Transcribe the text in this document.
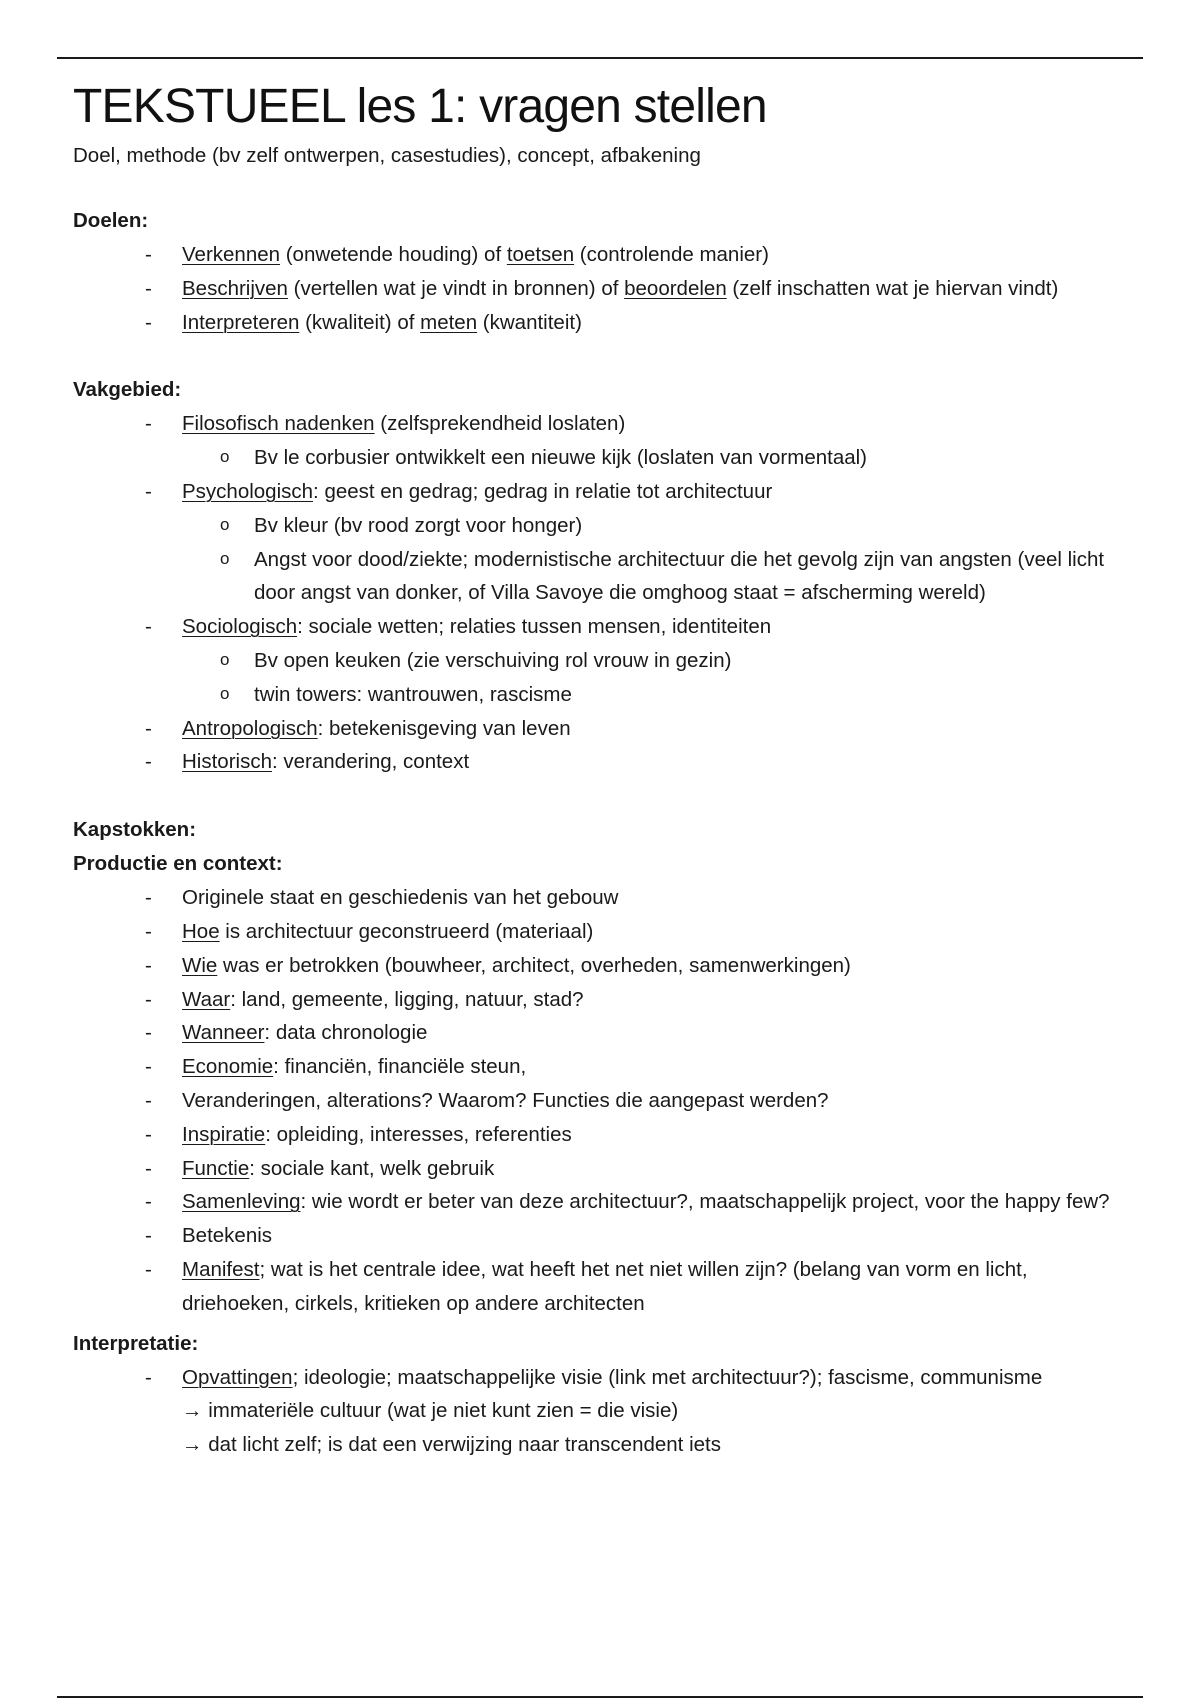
TEKSTUEEL les 1: vragen stellen

Doel, methode (bv zelf ontwerpen, casestudies), concept, afbakening

Doelen:

- Verkennen (onwetende houding) of toetsen (controlende manier)
- Beschrijven (vertellen wat je vindt in bronnen) of beoordelen (zelf inschatten wat je hiervan vindt)
- Interpreteren (kwaliteit) of meten (kwantiteit)

Vakgebied:

- Filosofisch nadenken (zelfsprekendheid loslaten)
o Bv le corbusier ontwikkelt een nieuwe kijk (loslaten van vormentaal)
- Psychologisch: geest en gedrag; gedrag in relatie tot architectuur
o Bv kleur (bv rood zorgt voor honger)
o Angst voor dood/ziekte; modernistische architectuur die het gevolg zijn van angsten (veel licht door angst van donker, of Villa Savoye die omghoog staat = afscherming wereld)
- Sociologisch: sociale wetten; relaties tussen mensen, identiteiten
o Bv open keuken (zie verschuiving rol vrouw in gezin)
o twin towers: wantrouwen, rascisme
- Antropologisch: betekenisgeving van leven
- Historisch: verandering, context

Kapstokken:

Productie en context:

- Originele staat en geschiedenis van het gebouw
- Hoe is architectuur geconstrueerd (materiaal)
- Wie was er betrokken (bouwheer, architect, overheden, samenwerkingen)
- Waar: land, gemeente, ligging, natuur, stad?
- Wanneer: data chronologie
- Economie: financiën, financiële steun,
- Veranderingen, alterations? Waarom? Functies die aangepast werden?
- Inspiratie: opleiding, interesses, referenties
- Functie: sociale kant, welk gebruik
- Samenleving: wie wordt er beter van deze architectuur?, maatschappelijk project, voor the happy few?
- Betekenis
- Manifest; wat is het centrale idee, wat heeft het net niet willen zijn? (belang van vorm en licht, driehoeken, cirkels, kritieken op andere architecten

Interpretatie:

- Opvattingen; ideologie; maatschappelijke visie (link met architectuur?); fascisme, communisme
→ immateriële cultuur (wat je niet kunt zien = die visie)
→ dat licht zelf; is dat een verwijzing naar transcendent iets
